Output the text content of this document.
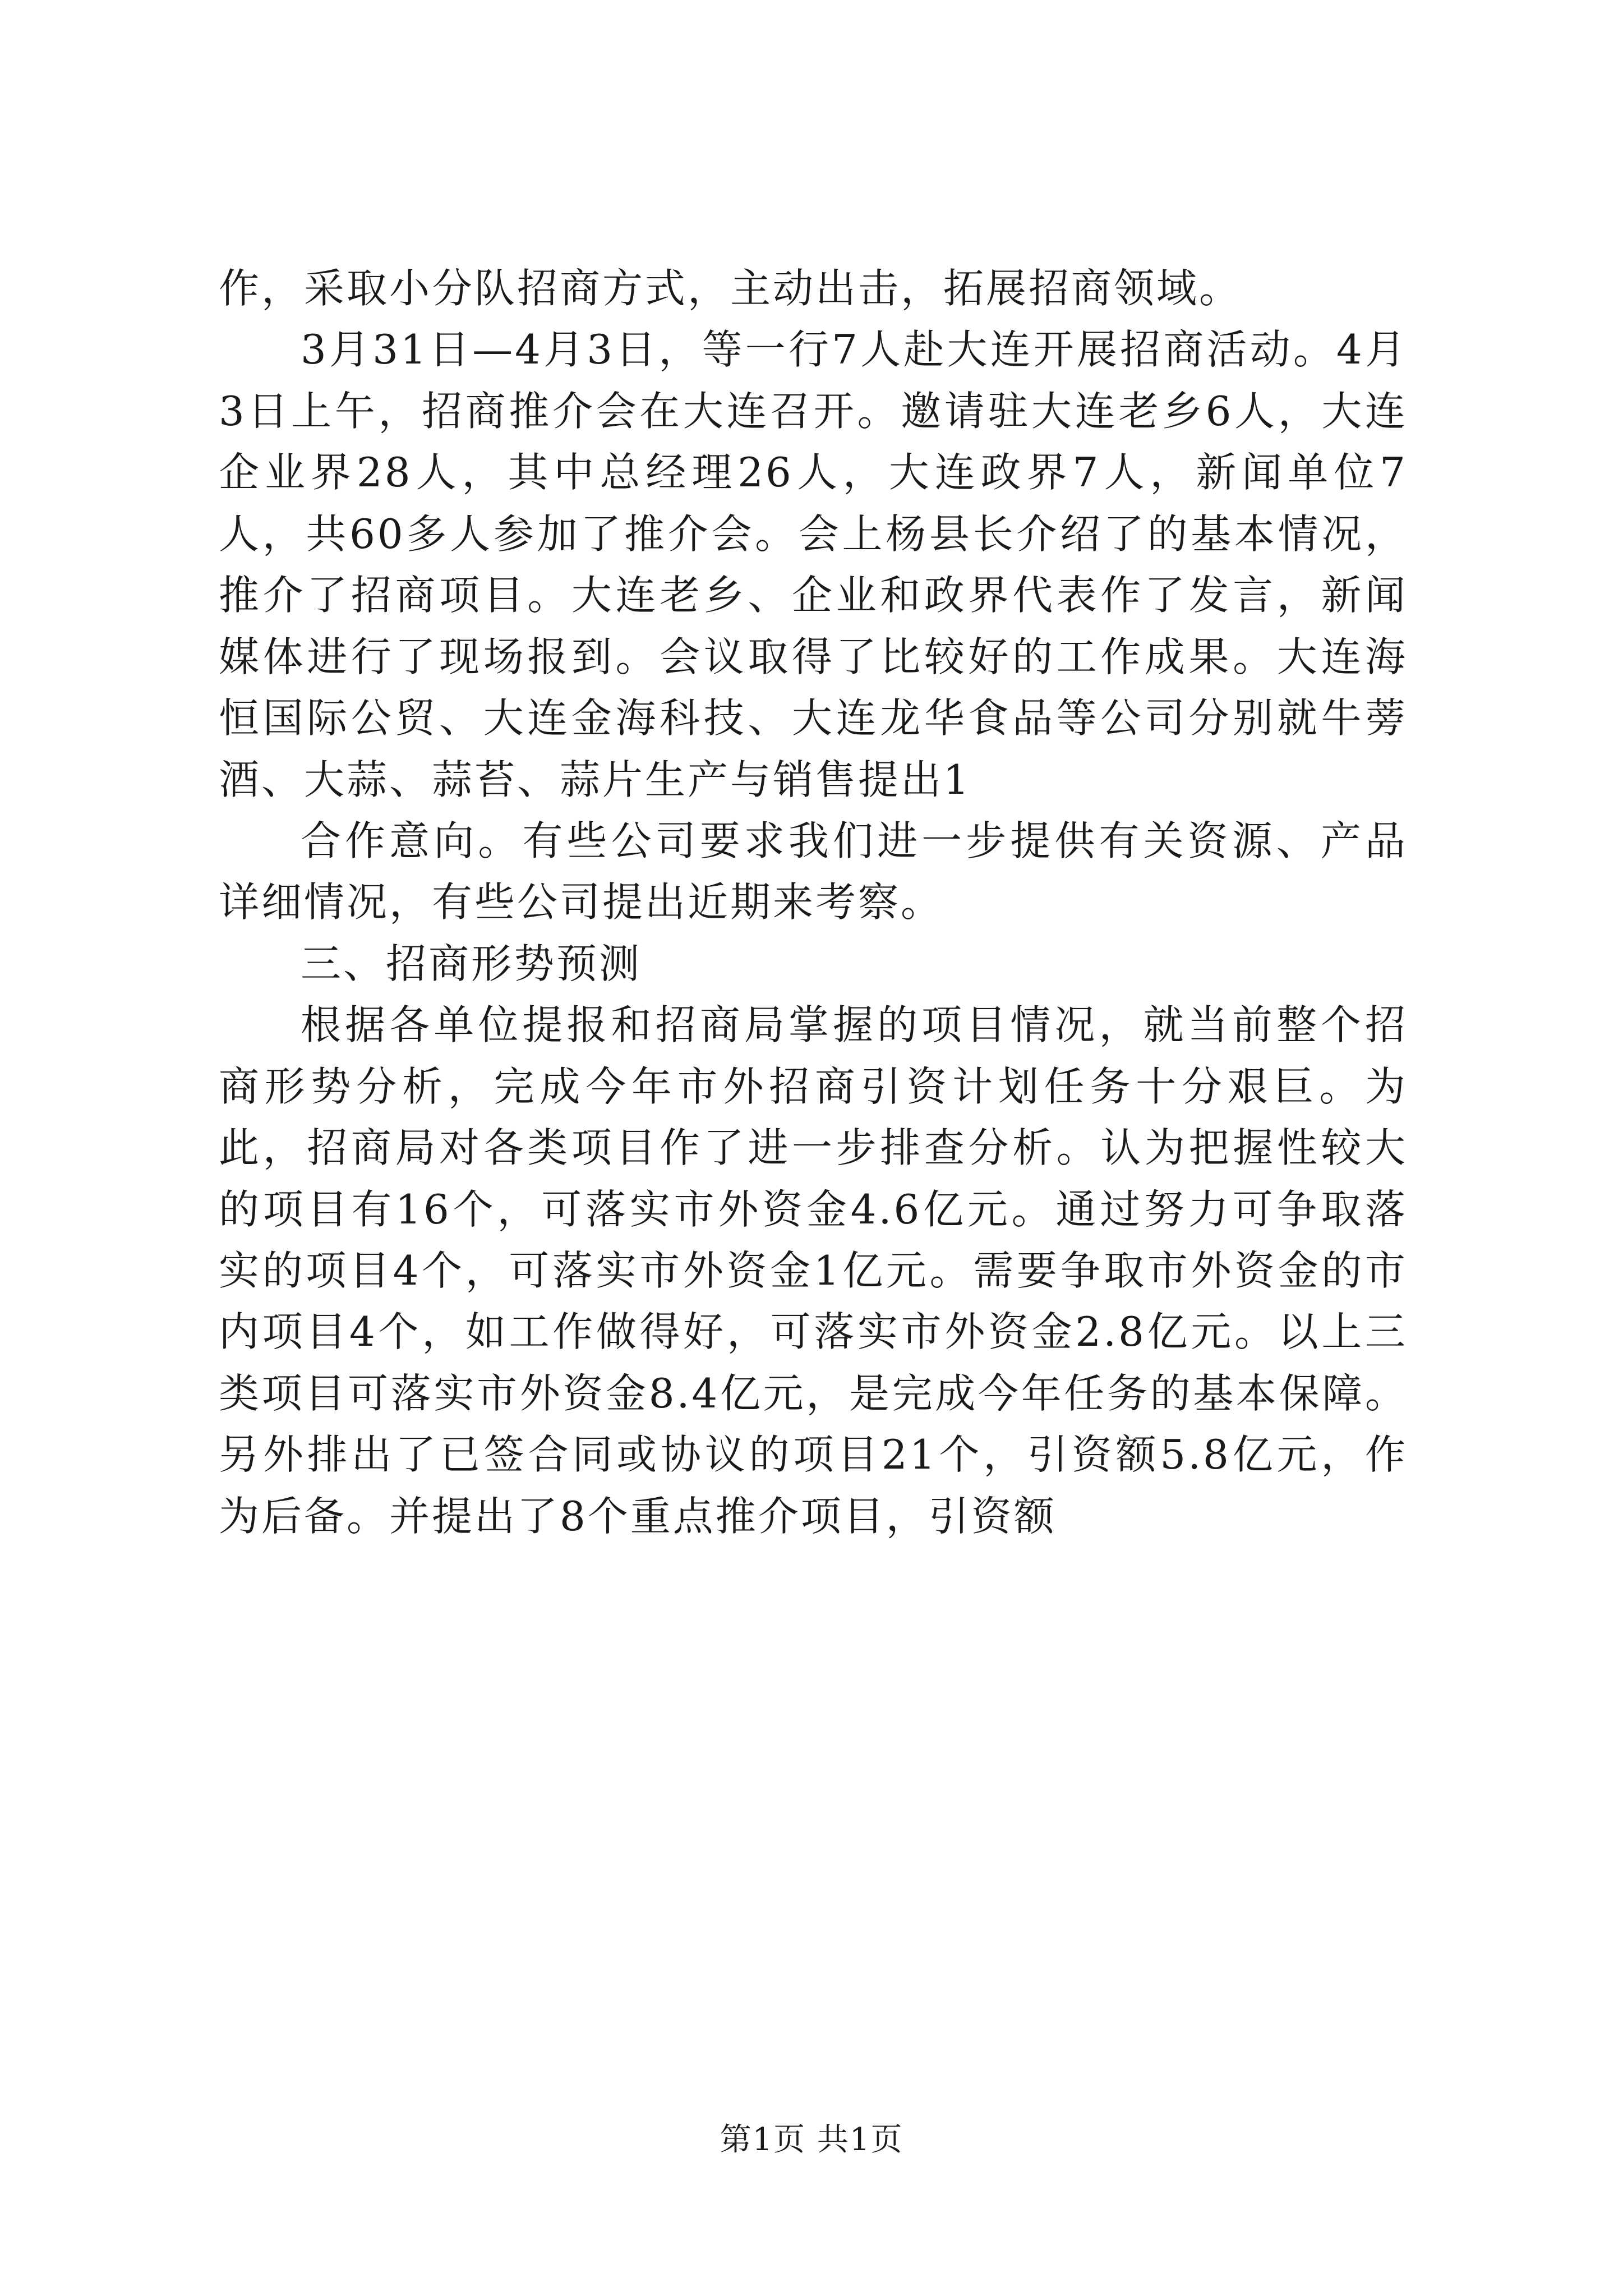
作，采取小分队招商方式，主动出击，拓展招商领域。

3月31日—4月3日，等一行7人赴大连开展招商活动。4月3日上午，招商推介会在大连召开。邀请驻大连老乡6人，大连企业界28人，其中总经理26人，大连政界7人，新闻单位7人，共60多人参加了推介会。会上杨县长介绍了的基本情况，推介了招商项目。大连老乡、企业和政界代表作了发言，新闻媒体进行了现场报到。会议取得了比较好的工作成果。大连海恒国际公贸、大连金海科技、大连龙华食品等公司分别就牛蒡酒、大蒜、蒜苔、蒜片生产与销售提出1

合作意向。有些公司要求我们进一步提供有关资源、产品详细情况，有些公司提出近期来考察。

三、招商形势预测

根据各单位提报和招商局掌握的项目情况，就当前整个招商形势分析，完成今年市外招商引资计划任务十分艰巨。为此，招商局对各类项目作了进一步排查分析。认为把握性较大的项目有16个，可落实市外资金4.6亿元。通过努力可争取落实的项目4个，可落实市外资金1亿元。需要争取市外资金的市内项目4个，如工作做得好，可落实市外资金2.8亿元。以上三类项目可落实市外资金8.4亿元，是完成今年任务的基本保障。另外排出了已签合同或协议的项目21个，引资额5.8亿元，作为后备。并提出了8个重点推介项目，引资额

第1页 共1页
